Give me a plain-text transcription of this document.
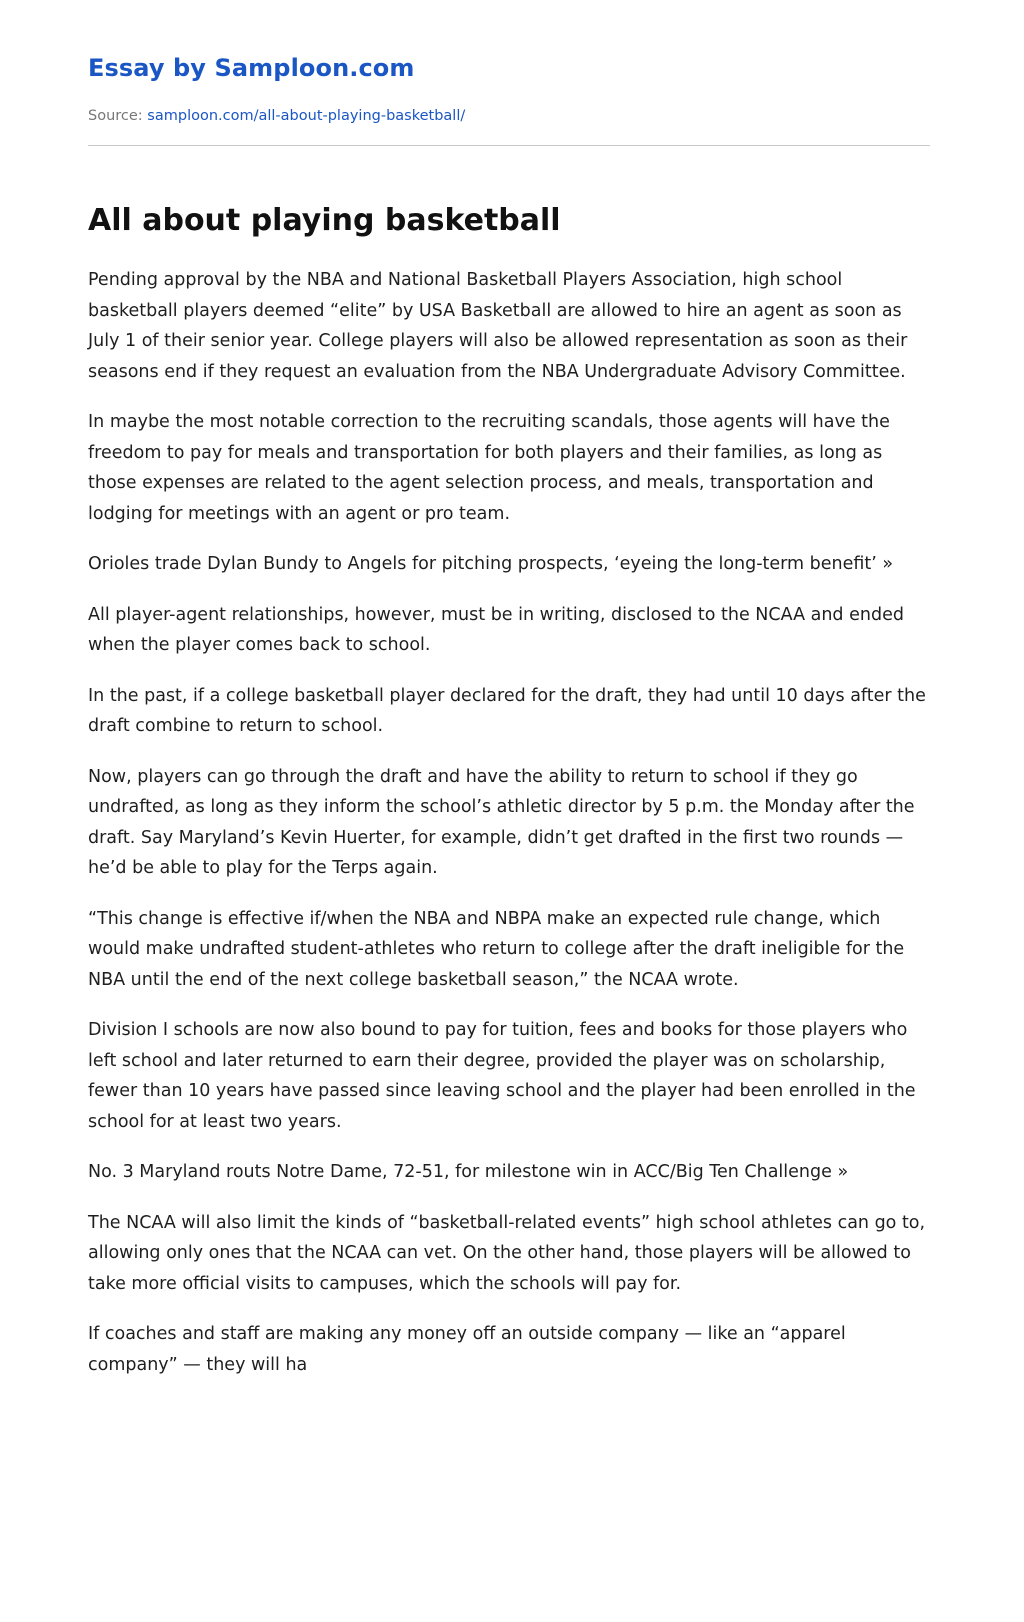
Essay by Samploon.com
Source: samploon.com/all-about-playing-basketball/
All about playing basketball

Pending approval by the NBA and National Basketball Players Association, high school basketball players deemed “elite” by USA Basketball are allowed to hire an agent as soon as July 1 of their senior year. College players will also be allowed representation as soon as their seasons end if they request an evaluation from the NBA Undergraduate Advisory Committee.

In maybe the most notable correction to the recruiting scandals, those agents will have the freedom to pay for meals and transportation for both players and their families, as long as those expenses are related to the agent selection process, and meals, transportation and lodging for meetings with an agent or pro team.

Orioles trade Dylan Bundy to Angels for pitching prospects, ‘eyeing the long-term benefit’ »

All player-agent relationships, however, must be in writing, disclosed to the NCAA and ended when the player comes back to school.

In the past, if a college basketball player declared for the draft, they had until 10 days after the draft combine to return to school.

Now, players can go through the draft and have the ability to return to school if they go undrafted, as long as they inform the school’s athletic director by 5 p.m. the Monday after the draft. Say Maryland’s Kevin Huerter, for example, didn’t get drafted in the first two rounds — he’d be able to play for the Terps again.

“This change is effective if/when the NBA and NBPA make an expected rule change, which would make undrafted student-athletes who return to college after the draft ineligible for the NBA until the end of the next college basketball season,” the NCAA wrote.

Division I schools are now also bound to pay for tuition, fees and books for those players who left school and later returned to earn their degree, provided the player was on scholarship, fewer than 10 years have passed since leaving school and the player had been enrolled in the school for at least two years.

No. 3 Maryland routs Notre Dame, 72-51, for milestone win in ACC/Big Ten Challenge »

The NCAA will also limit the kinds of “basketball-related events” high school athletes can go to, allowing only ones that the NCAA can vet. On the other hand, those players will be allowed to take more official visits to campuses, which the schools will pay for.

If coaches and staff are making any money off an outside company — like an “apparel company” — they will ha
